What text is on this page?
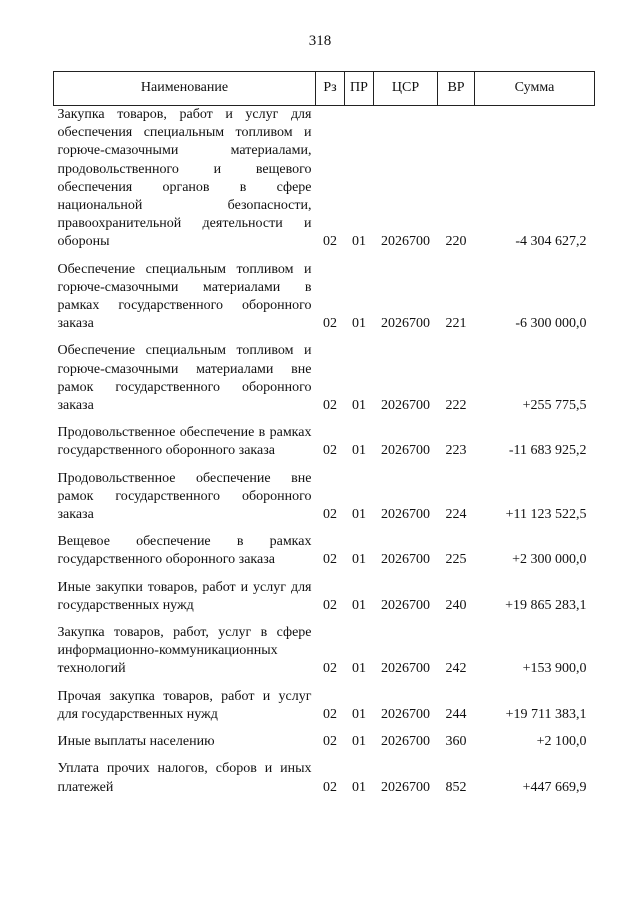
318
Наименование	Рз	ПР	ЦСР	ВР	Сумма
Закупка товаров, работ и услуг для обеспечения специальным топливом и горюче-смазочными материалами, продовольственного и вещевого обеспечения органов в сфере национальной безопасности, правоохранительной деятельности и обороны	02	01	2026700	220	-4 304 627,2
Обеспечение специальным топливом и горюче-смазочными материалами в рамках государственного оборонного заказа	02	01	2026700	221	-6 300 000,0
Обеспечение специальным топливом и горюче-смазочными материалами вне рамок государственного оборонного заказа	02	01	2026700	222	+255 775,5
Продовольственное обеспечение в рамках государственного оборонного заказа	02	01	2026700	223	-11 683 925,2
Продовольственное обеспечение вне рамок государственного оборонного заказа	02	01	2026700	224	+11 123 522,5
Вещевое обеспечение в рамках государственного оборонного заказа	02	01	2026700	225	+2 300 000,0
Иные закупки товаров, работ и услуг для государственных нужд	02	01	2026700	240	+19 865 283,1
Закупка товаров, работ, услуг в сфере информационно-коммуникационных технологий	02	01	2026700	242	+153 900,0
Прочая закупка товаров, работ и услуг для государственных нужд	02	01	2026700	244	+19 711 383,1
Иные выплаты населению	02	01	2026700	360	+2 100,0
Уплата прочих налогов, сборов и иных платежей	02	01	2026700	852	+447 669,9
